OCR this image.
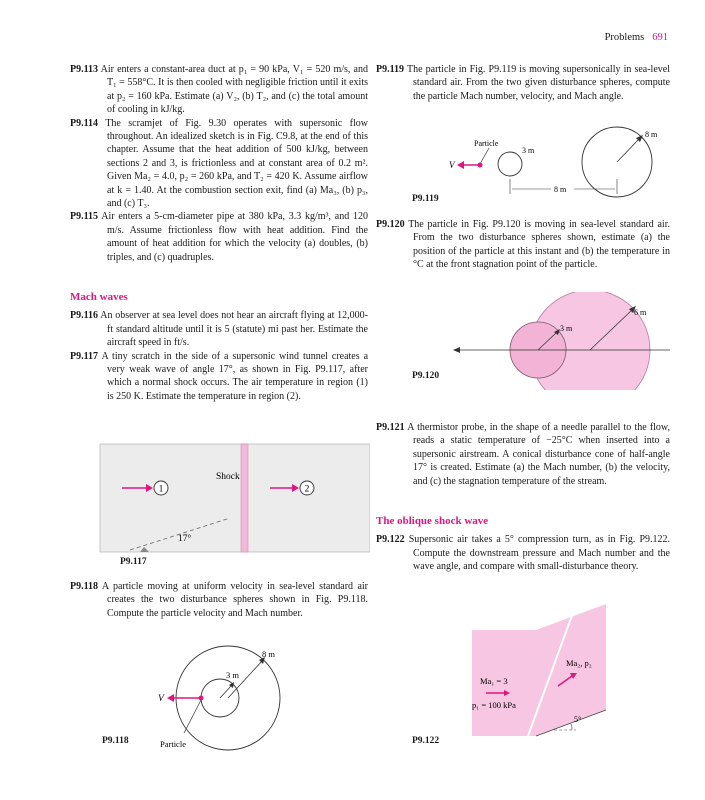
Problems 691

P9.113 Air enters a constant-area duct at p₁ = 90 kPa, V₁ = 520 m/s, and T₁ = 558°C. It is then cooled with negligible friction until it exits at p₂ = 160 kPa. Estimate (a) V₂, (b) T₂, and (c) the total amount of cooling in kJ/kg.

P9.114 The scramjet of Fig. 9.30 operates with supersonic flow throughout. An idealized sketch is in Fig. C9.8, at the end of this chapter. Assume that the heat addition of 500 kJ/kg, between sections 2 and 3, is frictionless and at constant area of 0.2 m². Given Ma₂ = 4.0, p₂ = 260 kPa, and T₂ = 420 K. Assume airflow at k = 1.40. At the combustion section exit, find (a) Ma₃, (b) p₃, and (c) T₃.

P9.115 Air enters a 5-cm-diameter pipe at 380 kPa, 3.3 kg/m³, and 120 m/s. Assume frictionless flow with heat addition. Find the amount of heat addition for which the velocity (a) doubles, (b) triples, and (c) quadruples.

Mach waves

P9.116 An observer at sea level does not hear an aircraft flying at 12,000-ft standard altitude until it is 5 (statute) mi past her. Estimate the aircraft speed in ft/s.

P9.117 A tiny scratch in the side of a supersonic wind tunnel creates a very weak wave of angle 17°, as shown in Fig. P9.117, after which a normal shock occurs. The air temperature in region (1) is 250 K. Estimate the temperature in region (2).

1	2
Shock
17°
P9.117

P9.118 A particle moving at uniform velocity in sea-level standard air creates the two disturbance spheres shown in Fig. P9.118. Compute the particle velocity and Mach number.

8 m
3 m
V
Particle
P9.118

P9.119 The particle in Fig. P9.119 is moving supersonically in sea-level standard air. From the two given disturbance spheres, compute the particle Mach number, velocity, and Mach angle.

8 m
3 m
Particle
V
8 m
P9.119

P9.120 The particle in Fig. P9.120 is moving in sea-level standard air. From the two disturbance spheres shown, estimate (a) the position of the particle at this instant and (b) the temperature in °C at the front stagnation point of the particle.

6 m
3 m
P9.120

P9.121 A thermistor probe, in the shape of a needle parallel to the flow, reads a static temperature of −25°C when inserted into a supersonic airstream. A conical disturbance cone of half-angle 17° is created. Estimate (a) the Mach number, (b) the velocity, and (c) the stagnation temperature of the stream.

The oblique shock wave

P9.122 Supersonic air takes a 5° compression turn, as in Fig. P9.122. Compute the downstream pressure and Mach number and the wave angle, and compare with small-disturbance theory.

5°
Ma₁ = 3
p₁ = 100 kPa
Ma₂, p₂
P9.122
